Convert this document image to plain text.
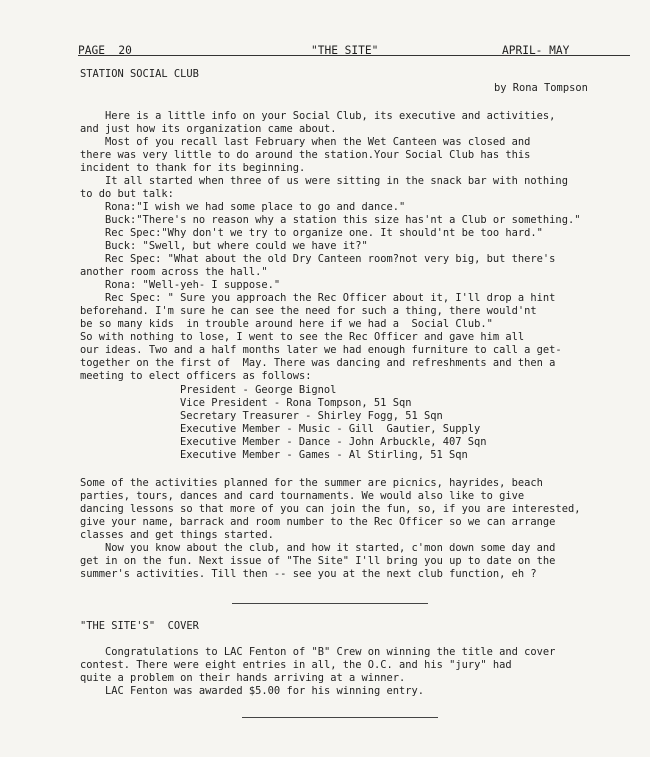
PAGE  20

	"THE SITE"

	APRIL- MAY

STATION SOCIAL CLUB
by Rona Tompson
Here is a little info on your Social Club, its executive and activities,
and just how its organization came about.
Most of you recall last February when the Wet Canteen was closed and
there was very little to do around the station.Your Social Club has this
incident to thank for its beginning.
It all started when three of us were sitting in the snack bar with nothing
to do but talk:
Rona:"I wish we had some place to go and dance."
Buck:"There's no reason why a station this size has'nt a Club or something."
Rec Spec:"Why don't we try to organize one. It should'nt be too hard."
Buck: "Swell, but where could we have it?"
Rec Spec: "What about the old Dry Canteen room?not very big, but there's
another room across the hall."
Rona: "Well-yeh- I suppose."
Rec Spec: " Sure you approach the Rec Officer about it, I'll drop a hint
beforehand. I'm sure he can see the need for such a thing, there would'nt
be so many kids  in trouble around here if we had a  Social Club."
So with nothing to lose, I went to see the Rec Officer and gave him all
our ideas. Two and a half months later we had enough furniture to call a get-
together on the first of  May. There was dancing and refreshments and then a
meeting to elect officers as follows:
President - George Bignol
Vice President - Rona Tompson, 51 Sqn
Secretary Treasurer - Shirley Fogg, 51 Sqn
Executive Member - Music - Gill  Gautier, Supply
Executive Member - Dance - John Arbuckle, 407 Sqn
Executive Member - Games - Al Stirling, 51 Sqn
Some of the activities planned for the summer are picnics, hayrides, beach
parties, tours, dances and card tournaments. We would also like to give
dancing lessons so that more of you can join the fun, so, if you are interested,
give your name, barrack and room number to the Rec Officer so we can arrange
classes and get things started.
Now you know about the club, and how it started, c'mon down some day and
get in on the fun. Next issue of "The Site" I'll bring you up to date on the
summer's activities. Till then -- see you at the next club function, eh ?
"THE SITE'S"  COVER
Congratulations to LAC Fenton of "B" Crew on winning the title and cover
contest. There were eight entries in all, the O.C. and his "jury" had
quite a problem on their hands arriving at a winner.
LAC Fenton was awarded $5.00 for his winning entry.
